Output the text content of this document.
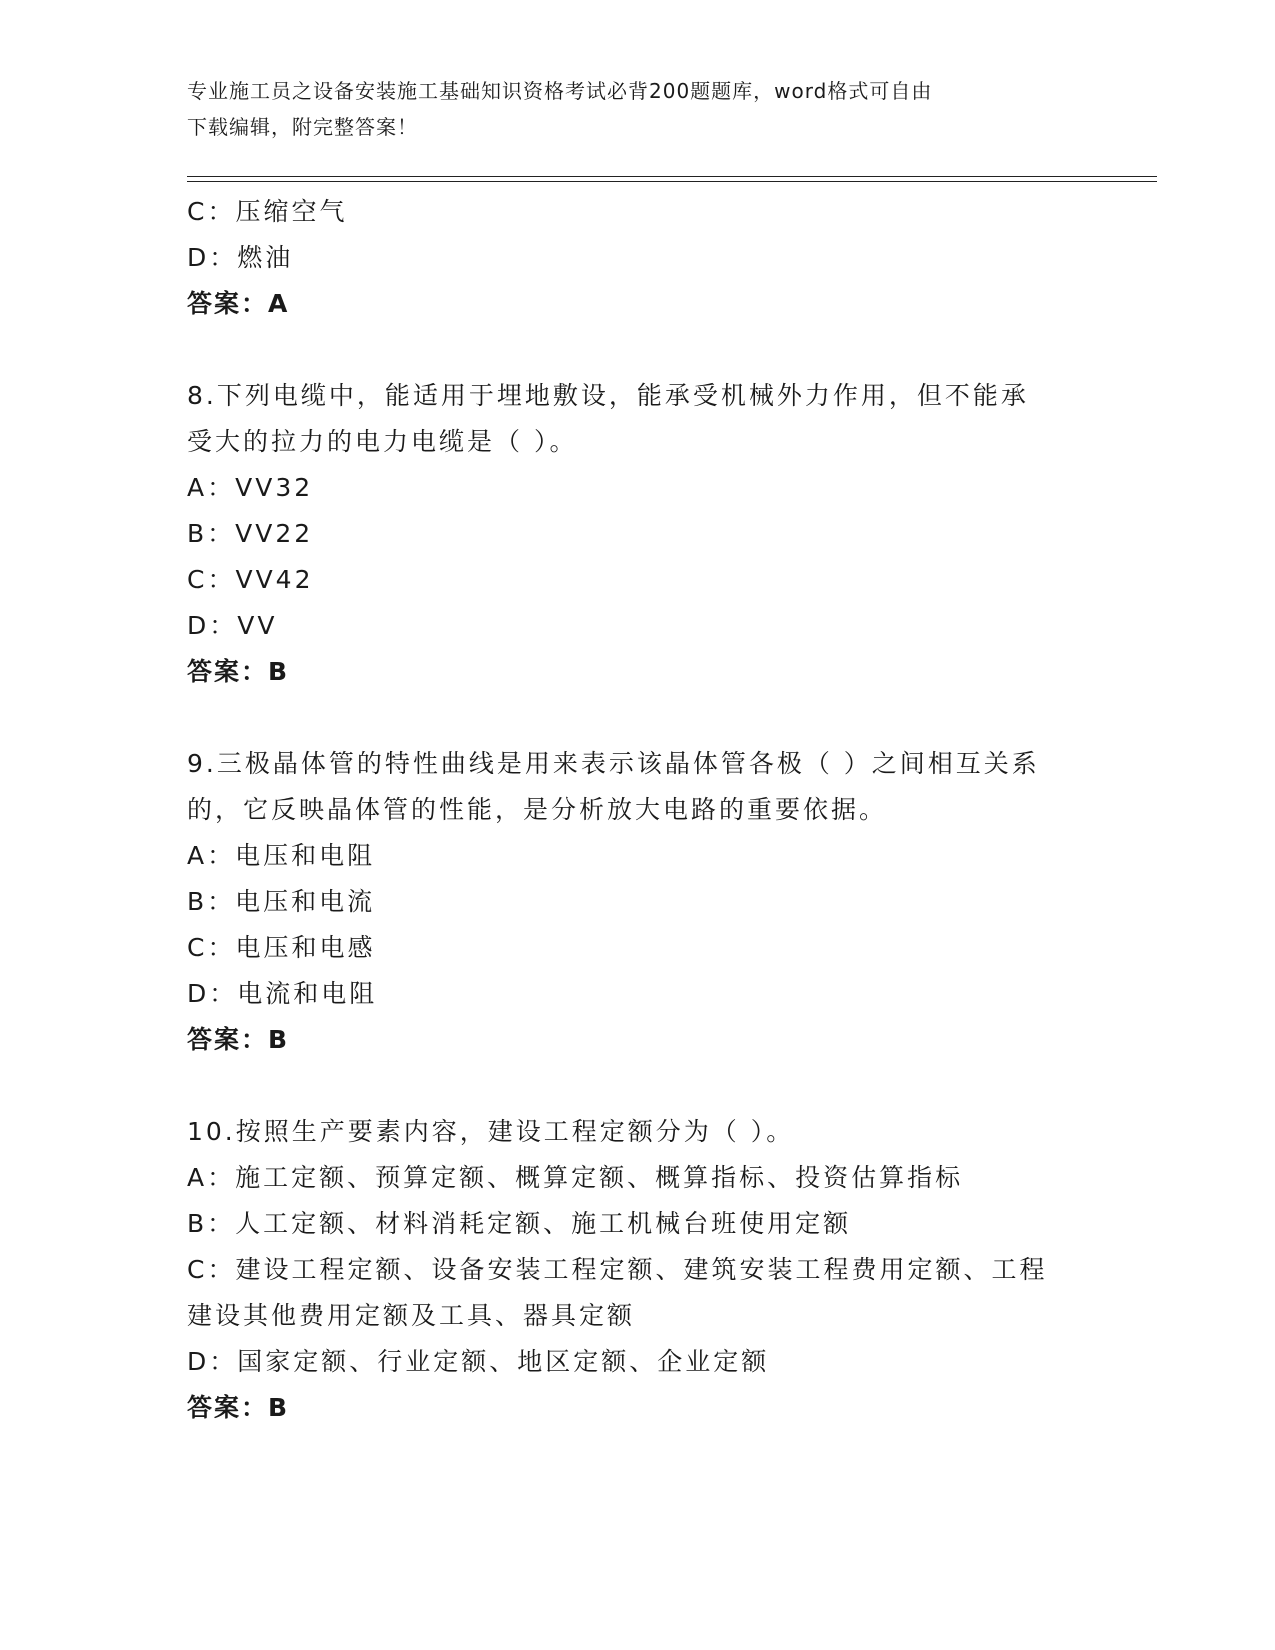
专业施工员之设备安装施工基础知识资格考试必背200题题库，word格式可自由
下载编辑，附完整答案！
C：压缩空气
D：燃油
答案：A
8.下列电缆中，能适用于埋地敷设，能承受机械外力作用，但不能承
受大的拉力的电力电缆是（ ）。
A：VV32
B：VV22
C：VV42
D：VV
答案：B
9.三极晶体管的特性曲线是用来表示该晶体管各极（ ）之间相互关系
的，它反映晶体管的性能，是分析放大电路的重要依据。
A：电压和电阻
B：电压和电流
C：电压和电感
D：电流和电阻
答案：B
10.按照生产要素内容，建设工程定额分为（ ）。
A：施工定额、预算定额、概算定额、概算指标、投资估算指标
B：人工定额、材料消耗定额、施工机械台班使用定额
C：建设工程定额、设备安装工程定额、建筑安装工程费用定额、工程
建设其他费用定额及工具、器具定额
D：国家定额、行业定额、地区定额、企业定额
答案：B
